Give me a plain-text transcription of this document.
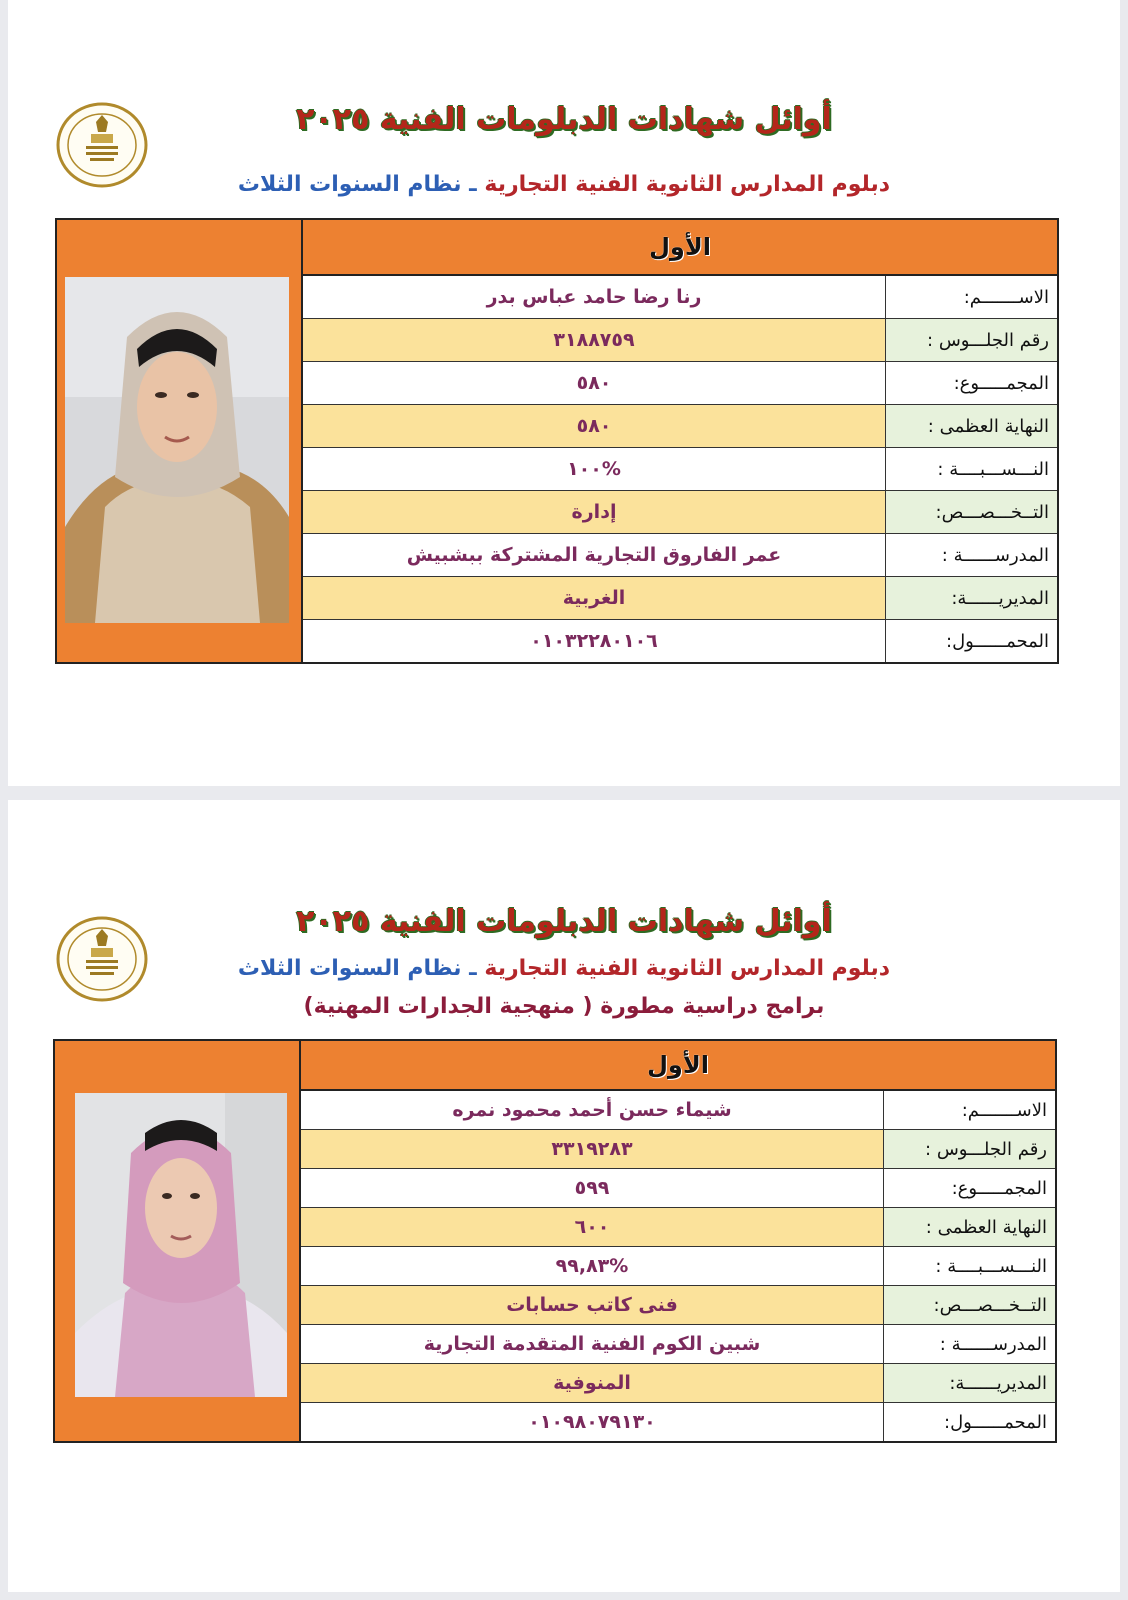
أوائل شهادات الدبلومات الفنية ٢٠٢٥
دبلوم المدارس الثانوية الفنية التجارية ـ نظام السنوات الثلاث
الأول
الاســـــــم:
رنا رضا حامد عباس بدر
رقم الجلـــوس :
٣١٨٨٧٥٩
المجمـــــوع:
٥٨٠
النهاية العظمى :
٥٨٠
النـــســـبــــة :
%١٠٠
التــخـــصـــص:
إدارة
المدرســــــة :
عمر الفاروق التجارية المشتركة ببشبيش
المديريــــــة:
الغربية
المحمــــــول:
٠١٠٣٢٢٨٠١٠٦
أوائل شهادات الدبلومات الفنية ٢٠٢٥
دبلوم المدارس الثانوية الفنية التجارية ـ نظام السنوات الثلاث
برامج دراسية مطورة ( منهجية الجدارات المهنية)
الأول
الاســـــــم:
شيماء حسن أحمد محمود نمره
رقم الجلـــوس :
٣٣١٩٢٨٣
المجمـــــوع:
٥٩٩
النهاية العظمى :
٦٠٠
النـــســـبــــة :
%٩٩,٨٣
التــخـــصـــص:
فنى كاتب حسابات
المدرســــــة :
شبين الكوم الفنية المتقدمة التجارية
المديريــــــة:
المنوفية
المحمــــــول:
٠١٠٩٨٠٧٩١٣٠
